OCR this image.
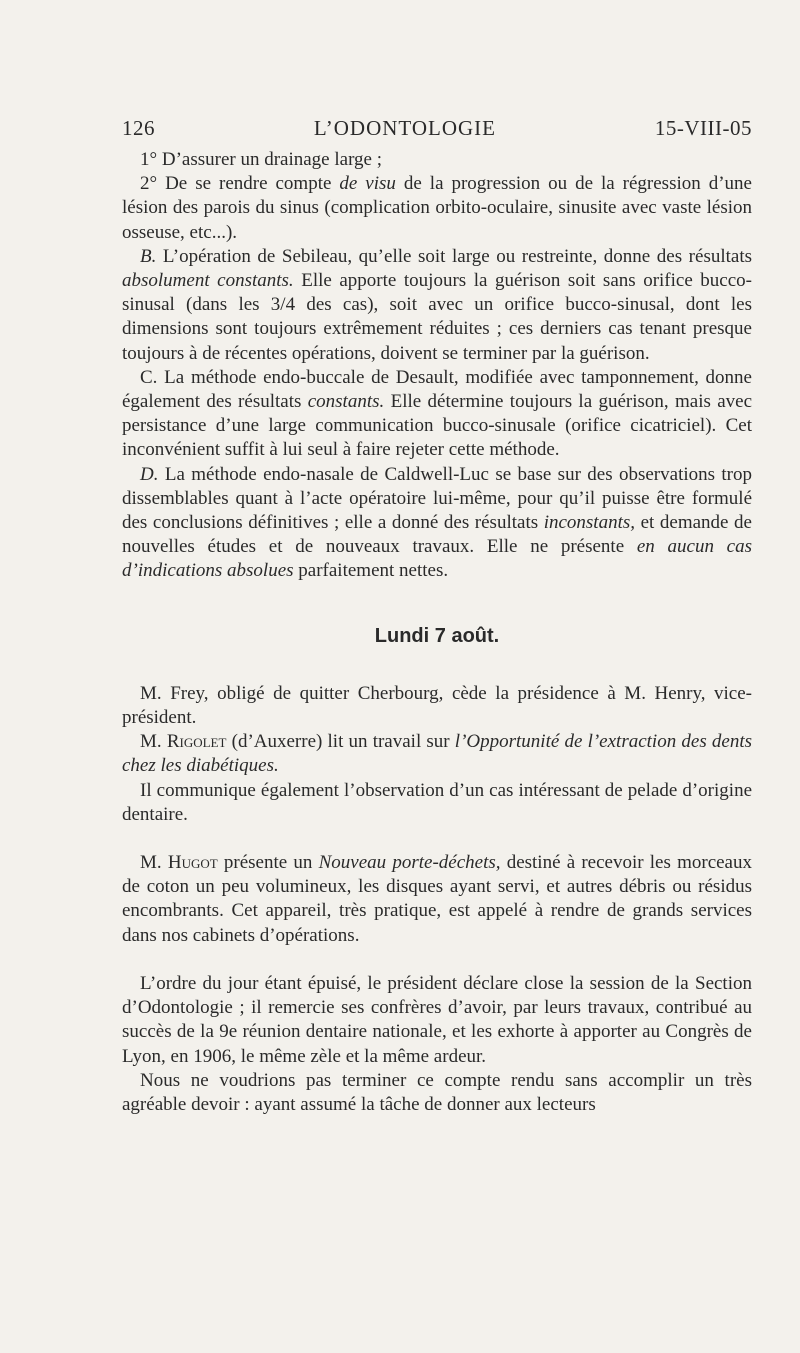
126	L’ODONTOLOGIE	15-VIII-05

1° D’assurer un drainage large ;

2° De se rendre compte de visu de la progression ou de la régression d’une lésion des parois du sinus (complication orbito-oculaire, sinusite avec vaste lésion osseuse, etc...).

B. L’opération de Sebileau, qu’elle soit large ou restreinte, donne des résultats absolument constants. Elle apporte toujours la guérison soit sans orifice bucco-sinusal (dans les 3/4 des cas), soit avec un orifice bucco-sinusal, dont les dimensions sont toujours extrêmement réduites ; ces derniers cas tenant presque toujours à de récentes opérations, doivent se terminer par la guérison.

C. La méthode endo-buccale de Desault, modifiée avec tamponnement, donne également des résultats constants. Elle détermine toujours la guérison, mais avec persistance d’une large communication bucco-sinusale (orifice cicatriciel). Cet inconvénient suffit à lui seul à faire rejeter cette méthode.

D. La méthode endo-nasale de Caldwell-Luc se base sur des observations trop dissemblables quant à l’acte opératoire lui-même, pour qu’il puisse être formulé des conclusions définitives ; elle a donné des résultats inconstants, et demande de nouvelles études et de nouveaux travaux. Elle ne présente en aucun cas d’indications absolues parfaitement nettes.

Lundi 7 août.

M. Frey, obligé de quitter Cherbourg, cède la présidence à M. Henry, vice-président.

M. Rigolet (d’Auxerre) lit un travail sur l’Opportunité de l’extraction des dents chez les diabétiques.

Il communique également l’observation d’un cas intéressant de pelade d’origine dentaire.

M. Hugot présente un Nouveau porte-déchets, destiné à recevoir les morceaux de coton un peu volumineux, les disques ayant servi, et autres débris ou résidus encombrants. Cet appareil, très pratique, est appelé à rendre de grands services dans nos cabinets d’opérations.

L’ordre du jour étant épuisé, le président déclare close la session de la Section d’Odontologie ; il remercie ses confrères d’avoir, par leurs travaux, contribué au succès de la 9e réunion dentaire nationale, et les exhorte à apporter au Congrès de Lyon, en 1906, le même zèle et la même ardeur.

Nous ne voudrions pas terminer ce compte rendu sans accomplir un très agréable devoir : ayant assumé la tâche de donner aux lecteurs
